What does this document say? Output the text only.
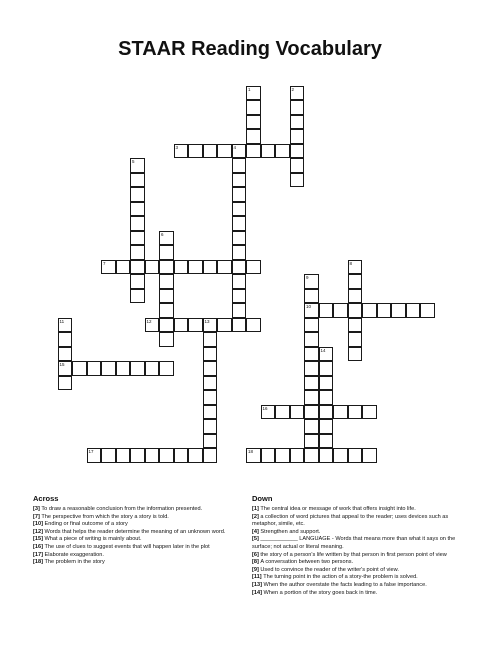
STAAR Reading Vocabulary
1	2
3	4
5
6
7	8
9
10
11
15
12	13
14
16
17	18
Across
[3] To draw a reasonable conclusion from the information presented.
[7] The perspective from which the story a story is told.
[10] Ending or final outcome of a story
[12] Words that helps the reader determine the meaning of an unknown word.
[15] What a piece of writing is mainly about.
[16] The use of clues to suggest events that will happen later in the plot
[17] Elaborate exaggeration.
[18] The problem in the story
Down
[1] The central idea or message of work that offers insight into life.
[2] a collection of word pictures that appeal to the reader; uses devices such as metaphor, simile, etc.
[4] Strengthen and support.
[5] ____________ LANGUAGE - Words that means more than what it says on the surface; not actual or literal meaning.
[6] the story of a person's life written by that person in first person point of view
[8] A conversation between two persons.
[9] Used to convince the reader of the writer's point of view.
[11] The turning point in the action of a story-the problem is solved.
[13] When the author overstate the facts leading to a false importance.
[14] When a portion of the story goes back in time.
